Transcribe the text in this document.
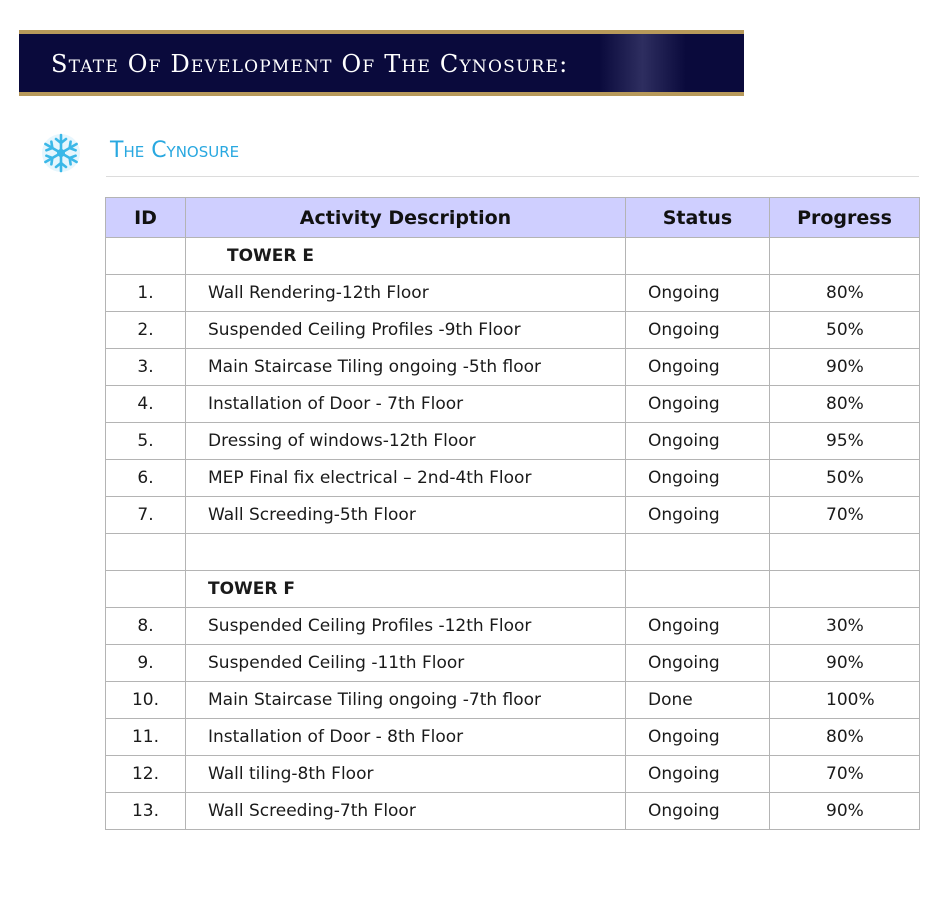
State Of Development Of The Cynosure:
The Cynosure
ID	Activity Description	Status	Progress
	TOWER E		
1.	Wall Rendering-12th Floor	Ongoing	80%
2.	Suspended Ceiling Profiles -9th Floor	Ongoing	50%
3.	Main Staircase Tiling ongoing -5th floor	Ongoing	90%
4.	Installation of Door - 7th Floor	Ongoing	80%
5.	Dressing of windows-12th Floor	Ongoing	95%
6.	MEP Final fix electrical – 2nd-4th Floor	Ongoing	50%
7.	Wall Screeding-5th Floor	Ongoing	70%

	TOWER F		
8.	Suspended Ceiling Profiles -12th Floor	Ongoing	30%
9.	Suspended Ceiling -11th Floor	Ongoing	90%
10.	Main Staircase Tiling ongoing -7th floor	Done	100%
11.	Installation of Door - 8th Floor	Ongoing	80%
12.	Wall tiling-8th Floor	Ongoing	70%
13.	Wall Screeding-7th Floor	Ongoing	90%
